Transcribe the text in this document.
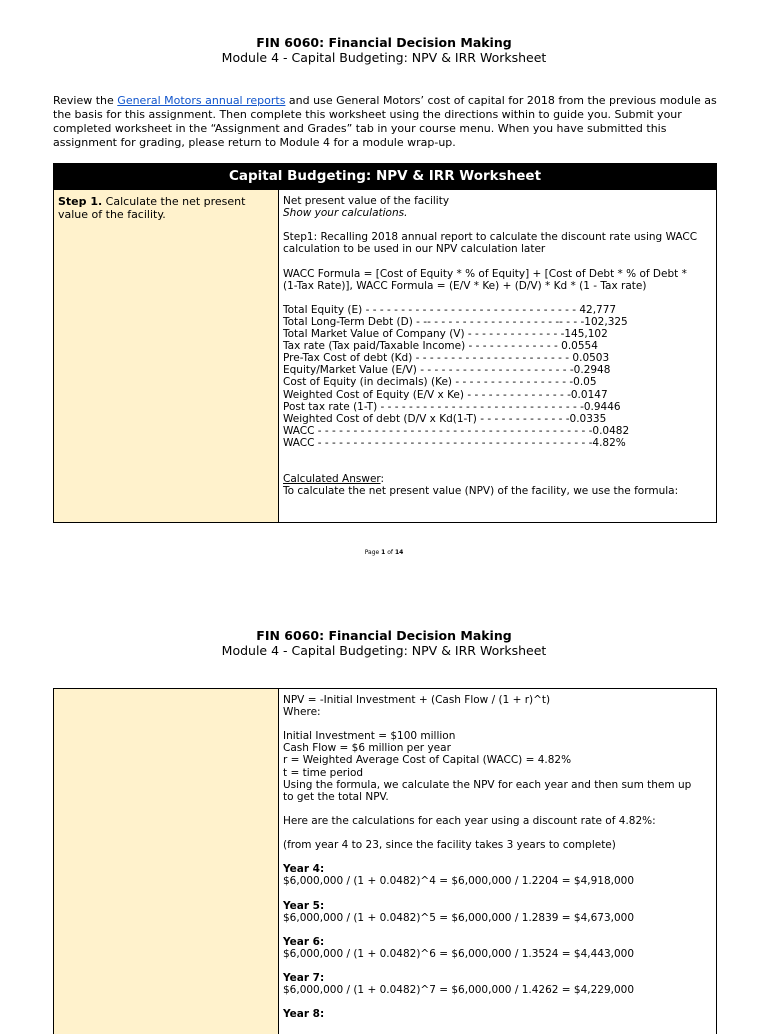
FIN 6060: Financial Decision Making
Module 4 - Capital Budgeting: NPV & IRR Worksheet
Review the General Motors annual reports and use General Motors’ cost of capital for 2018 from the previous module as the basis for this assignment. Then complete this worksheet using the directions within to guide you. Submit your completed worksheet in the “Assignment and Grades” tab in your course menu. When you have submitted this assignment for grading, please return to Module 4 for a module wrap-up.
Capital Budgeting: NPV & IRR Worksheet
Step 1. Calculate the net present value of the facility.
Net present value of the facility
Show your calculations.
Step1: Recalling 2018 annual report to calculate the discount rate using WACC
calculation to be used in our NPV calculation later
WACC Formula = [Cost of Equity * % of Equity] + [Cost of Debt * % of Debt *
(1-Tax Rate)], WACC Formula = (E/V * Ke) + (D/V) * Kd * (1 - Tax rate)
Total Equity (E) - - - - - - - - - - - - - - - - - - - - - - - - - - - - - - 42,777
Total Long-Term Debt (D) - -- - - - - - - - - - - - - - - - - - -- - - -102,325
Total Market Value of Company (V) - - - - - - - - - - - - - -145,102
Tax rate (Tax paid/Taxable Income) - - - - - - - - - - - - - 0.0554
Pre-Tax Cost of debt (Kd) - - - - - - - - - - - - - - - - - - - - - - 0.0503
Equity/Market Value (E/V) - - - - - - - - - - - - - - - - - - - - - -0.2948
Cost of Equity (in decimals) (Ke) - - - - - - - - - - - - - - - - -0.05
Weighted Cost of Equity (E/V x Ke) - - - - - - - - - - - - - - -0.0147
Post tax rate (1-T) - - - - - - - - - - - - - - - - - - - - - - - - - - - - -0.9446
Weighted Cost of debt (D/V x Kd(1-T) - - - - - - - - - - - - -0.0335
WACC - - - - - - - - - - - - - - - - - - - - - - - - - - - - - - - - - - - - - - -0.0482
WACC - - - - - - - - - - - - - - - - - - - - - - - - - - - - - - - - - - - - - - -4.82%
Calculated Answer:
To calculate the net present value (NPV) of the facility, we use the formula:
Page 1 of 14
FIN 6060: Financial Decision Making
Module 4 - Capital Budgeting: NPV & IRR Worksheet
NPV = -Initial Investment + (Cash Flow / (1 + r)^t)
Where:
Initial Investment = $100 million
Cash Flow = $6 million per year
r = Weighted Average Cost of Capital (WACC) = 4.82%
t = time period
Using the formula, we calculate the NPV for each year and then sum them up
to get the total NPV.
Here are the calculations for each year using a discount rate of 4.82%:
(from year 4 to 23, since the facility takes 3 years to complete)
Year 4:
$6,000,000 / (1 + 0.0482)^4 = $6,000,000 / 1.2204 = $4,918,000
Year 5:
$6,000,000 / (1 + 0.0482)^5 = $6,000,000 / 1.2839 = $4,673,000
Year 6:
$6,000,000 / (1 + 0.0482)^6 = $6,000,000 / 1.3524 = $4,443,000
Year 7:
$6,000,000 / (1 + 0.0482)^7 = $6,000,000 / 1.4262 = $4,229,000
Year 8:
